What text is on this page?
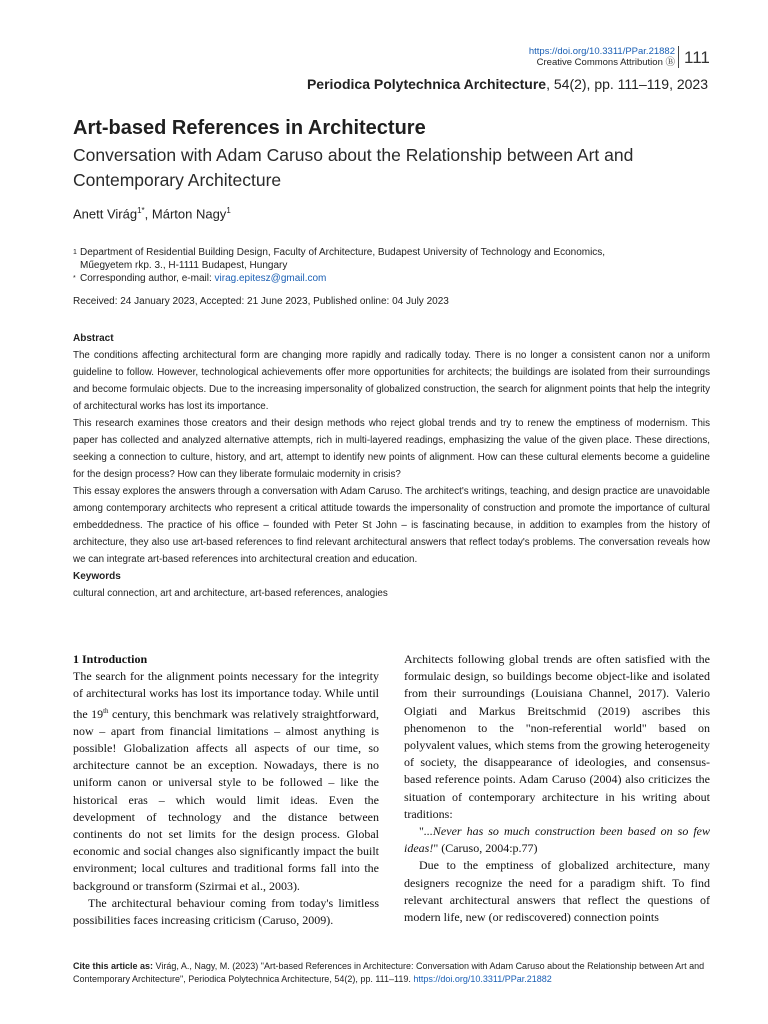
https://doi.org/10.3311/PPar.21882
Creative Commons Attribution Ⓑ 111
Periodica Polytechnica Architecture, 54(2), pp. 111–119, 2023
Art-based References in Architecture
Conversation with Adam Caruso about the Relationship between Art and Contemporary Architecture
Anett Virág$^{1*}$, Márton Nagy$^1$
1 Department of Residential Building Design, Faculty of Architecture, Budapest University of Technology and Economics,
Műegyetem rkp. 3., H-1111 Budapest, Hungary
* Corresponding author, e-mail: virag.epitesz@gmail.com
Received: 24 January 2023, Accepted: 21 June 2023, Published online: 04 July 2023
Abstract

The conditions affecting architectural form are changing more rapidly and radically today. There is no longer a consistent canon nor a uniform guideline to follow. However, technological achievements offer more opportunities for architects; the buildings are isolated from their surroundings and become formulaic objects. Due to the increasing impersonality of globalized construction, the search for alignment points that help the integrity of architectural works has lost its importance.

This research examines those creators and their design methods who reject global trends and try to renew the emptiness of modernism. This paper has collected and analyzed alternative attempts, rich in multi-layered readings, emphasizing the value of the given place. These directions, seeking a connection to culture, history, and art, attempt to identify new points of alignment. How can these cultural elements become a guideline for the design process? How can they liberate formulaic modernity in crisis?

This essay explores the answers through a conversation with Adam Caruso. The architect's writings, teaching, and design practice are unavoidable among contemporary architects who represent a critical attitude towards the impersonality of construction and promote the importance of cultural embeddedness. The practice of his office – founded with Peter St John – is fascinating because, in addition to examples from the history of architecture, they also use art-based references to find relevant architectural answers that reflect today's problems. The conversation reveals how we can integrate art-based references into architectural creation and education.

Keywords

cultural connection, art and architecture, art-based references, analogies

1 Introduction

The search for the alignment points necessary for the integrity of architectural works has lost its importance today. While until the 19th century, this benchmark was relatively straightforward, now – apart from financial limitations – almost anything is possible! Globalization affects all aspects of our time, so architecture cannot be an exception. Nowadays, there is no uniform canon or universal style to be followed – like the historical eras – which would limit ideas. Even the development of technology and the distance between continents do not set limits for the design process. Global economic and social changes also significantly impact the built environment; local cultures and traditional forms fall into the background or transform (Szirmai et al., 2003).

The architectural behaviour coming from today's limitless possibilities faces increasing criticism (Caruso, 2009).

Architects following global trends are often satisfied with the formulaic design, so buildings become object-like and isolated from their surroundings (Louisiana Channel, 2017). Valerio Olgiati and Markus Breitschmid (2019) ascribes this phenomenon to the "non-referential world" based on polyvalent values, which stems from the growing heterogeneity of society, the disappearance of ideologies, and consensus-based reference points. Adam Caruso (2004) also criticizes the situation of contemporary architecture in his writing about traditions:

"...Never has so much construction been based on so few ideas!" (Caruso, 2004:p.77)

Due to the emptiness of globalized architecture, many designers recognize the need for a paradigm shift. To find relevant architectural answers that reflect the questions of modern life, new (or rediscovered) connection points

Cite this article as: Virág, A., Nagy, M. (2023) "Art-based References in Architecture: Conversation with Adam Caruso about the Relationship between Art and Contemporary Architecture", Periodica Polytechnica Architecture, 54(2), pp. 111–119. https://doi.org/10.3311/PPar.21882
